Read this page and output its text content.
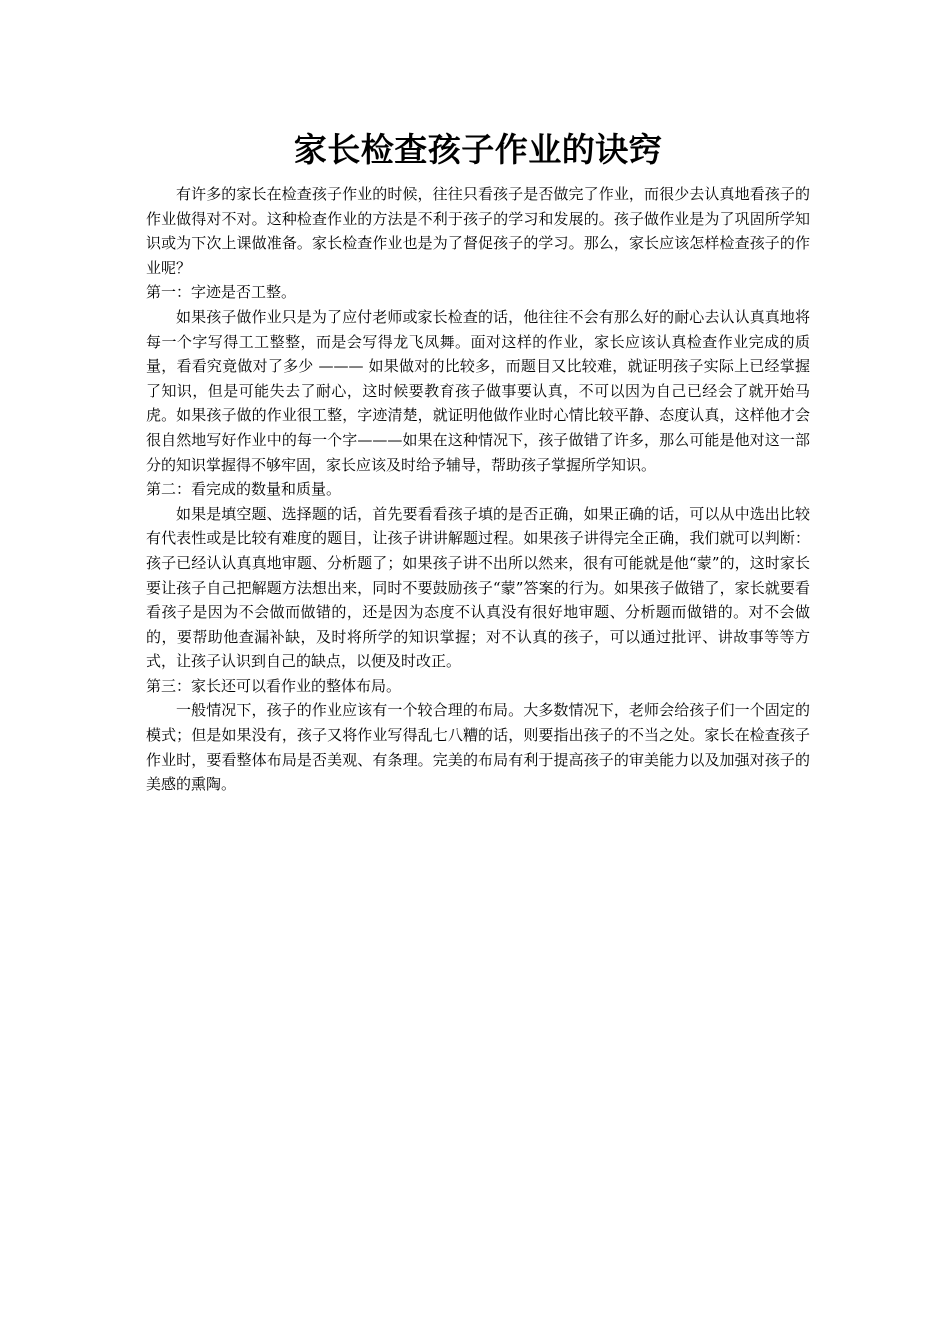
家长检查孩子作业的诀窍

有许多的家长在检查孩子作业的时候，往往只看孩子是否做完了作业，而很少去认真地看孩子的作业做得对不对。这种检查作业的方法是不利于孩子的学习和发展的。孩子做作业是为了巩固所学知识或为下次上课做准备。家长检查作业也是为了督促孩子的学习。那么，家长应该怎样检查孩子的作业呢？

第一：字迹是否工整。

如果孩子做作业只是为了应付老师或家长检查的话，他往往不会有那么好的耐心去认认真真地将每一个字写得工工整整，而是会写得龙飞凤舞。面对这样的作业，家长应该认真检查作业完成的质量，看看究竟做对了多少 ——— 如果做对的比较多，而题目又比较难，就证明孩子实际上已经掌握了知识，但是可能失去了耐心，这时候要教育孩子做事要认真，不可以因为自己已经会了就开始马虎。如果孩子做的作业很工整，字迹清楚，就证明他做作业时心情比较平静、态度认真，这样他才会很自然地写好作业中的每一个字———如果在这种情况下，孩子做错了许多，那么可能是他对这一部分的知识掌握得不够牢固，家长应该及时给予辅导，帮助孩子掌握所学知识。

第二：看完成的数量和质量。

如果是填空题、选择题的话，首先要看看孩子填的是否正确，如果正确的话，可以从中选出比较有代表性或是比较有难度的题目，让孩子讲讲解题过程。如果孩子讲得完全正确，我们就可以判断：孩子已经认认真真地审题、分析题了；如果孩子讲不出所以然来，很有可能就是他“蒙”的，这时家长要让孩子自己把解题方法想出来，同时不要鼓励孩子“蒙”答案的行为。如果孩子做错了，家长就要看看孩子是因为不会做而做错的，还是因为态度不认真没有很好地审题、分析题而做错的。对不会做的，要帮助他查漏补缺，及时将所学的知识掌握；对不认真的孩子，可以通过批评、讲故事等等方式，让孩子认识到自己的缺点，以便及时改正。

第三：家长还可以看作业的整体布局。

一般情况下，孩子的作业应该有一个较合理的布局。大多数情况下，老师会给孩子们一个固定的模式；但是如果没有，孩子又将作业写得乱七八糟的话，则要指出孩子的不当之处。家长在检查孩子作业时，要看整体布局是否美观、有条理。完美的布局有利于提高孩子的审美能力以及加强对孩子的美感的熏陶。
